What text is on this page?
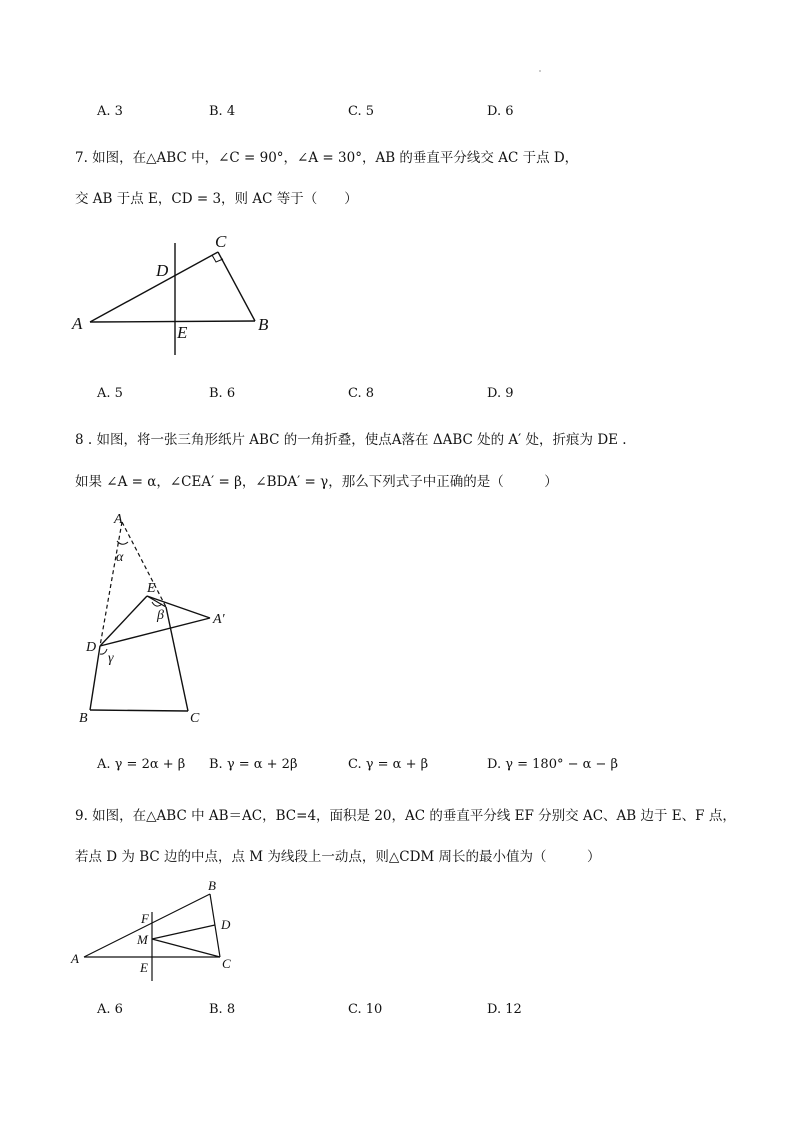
A. 3	B. 4	C. 5	D. 6
7. 如图，在△ABC 中，∠C = 90°，∠A = 30°，AB 的垂直平分线交 AC 于点 D，
交 AB 于点 E，CD = 3，则 AC 等于（　　）
C
D
A	B
E
A. 5	B. 6	C. 8	D. 9
8 . 如图，将一张三角形纸片 ABC 的一角折叠，使点A落在 ΔABC 处的 A′ 处，折痕为 DE .
如果 ∠A = α，∠CEA′ = β，∠BDA′ = γ，那么下列式子中正确的是（　　　）
A
α
E
β	A′
D
γ
B	C
A. γ = 2α + β B. γ = α + 2β	C. γ = α + β	D. γ = 180° − α − β
9. 如图，在△ABC 中 AB＝AC，BC=4，面积是 20，AC 的垂直平分线 EF 分别交 AC、AB 边于 E、F 点，
若点 D 为 BC 边的中点，点 M 为线段上一动点，则△CDM 周长的最小值为（　　　）
B
F	D
M
A
E	C
A. 6	B. 8	C. 10	D. 12
